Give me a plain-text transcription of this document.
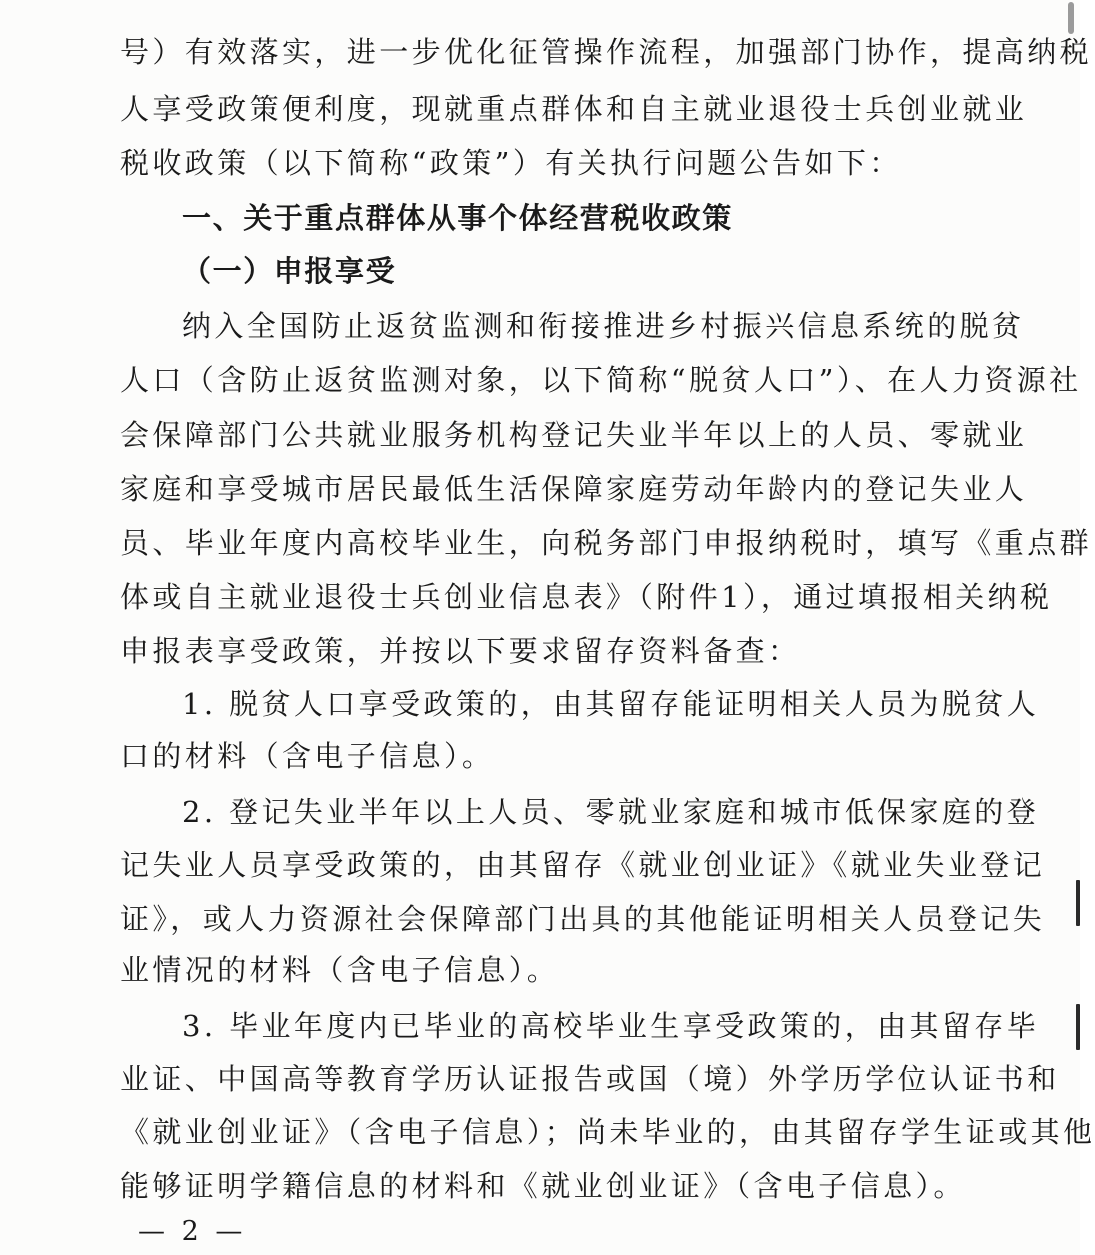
号）有效落实，进一步优化征管操作流程，加强部门协作，提高纳税
人享受政策便利度，现就重点群体和自主就业退役士兵创业就业
税收政策（以下简称“政策”）有关执行问题公告如下：
一、关于重点群体从事个体经营税收政策
（一）申报享受
纳入全国防止返贫监测和衔接推进乡村振兴信息系统的脱贫
人口（含防止返贫监测对象，以下简称“脱贫人口”）、在人力资源社
会保障部门公共就业服务机构登记失业半年以上的人员、零就业
家庭和享受城市居民最低生活保障家庭劳动年龄内的登记失业人
员、毕业年度内高校毕业生，向税务部门申报纳税时，填写《重点群
体或自主就业退役士兵创业信息表》（附件1），通过填报相关纳税
申报表享受政策，并按以下要求留存资料备查：
1. 脱贫人口享受政策的，由其留存能证明相关人员为脱贫人
口的材料（含电子信息）。
2. 登记失业半年以上人员、零就业家庭和城市低保家庭的登
记失业人员享受政策的，由其留存《就业创业证》《就业失业登记
证》，或人力资源社会保障部门出具的其他能证明相关人员登记失
业情况的材料（含电子信息）。
3. 毕业年度内已毕业的高校毕业生享受政策的，由其留存毕
业证、中国高等教育学历认证报告或国（境）外学历学位认证书和
《就业创业证》（含电子信息）；尚未毕业的，由其留存学生证或其他
能够证明学籍信息的材料和《就业创业证》（含电子信息）。
— 2 —
